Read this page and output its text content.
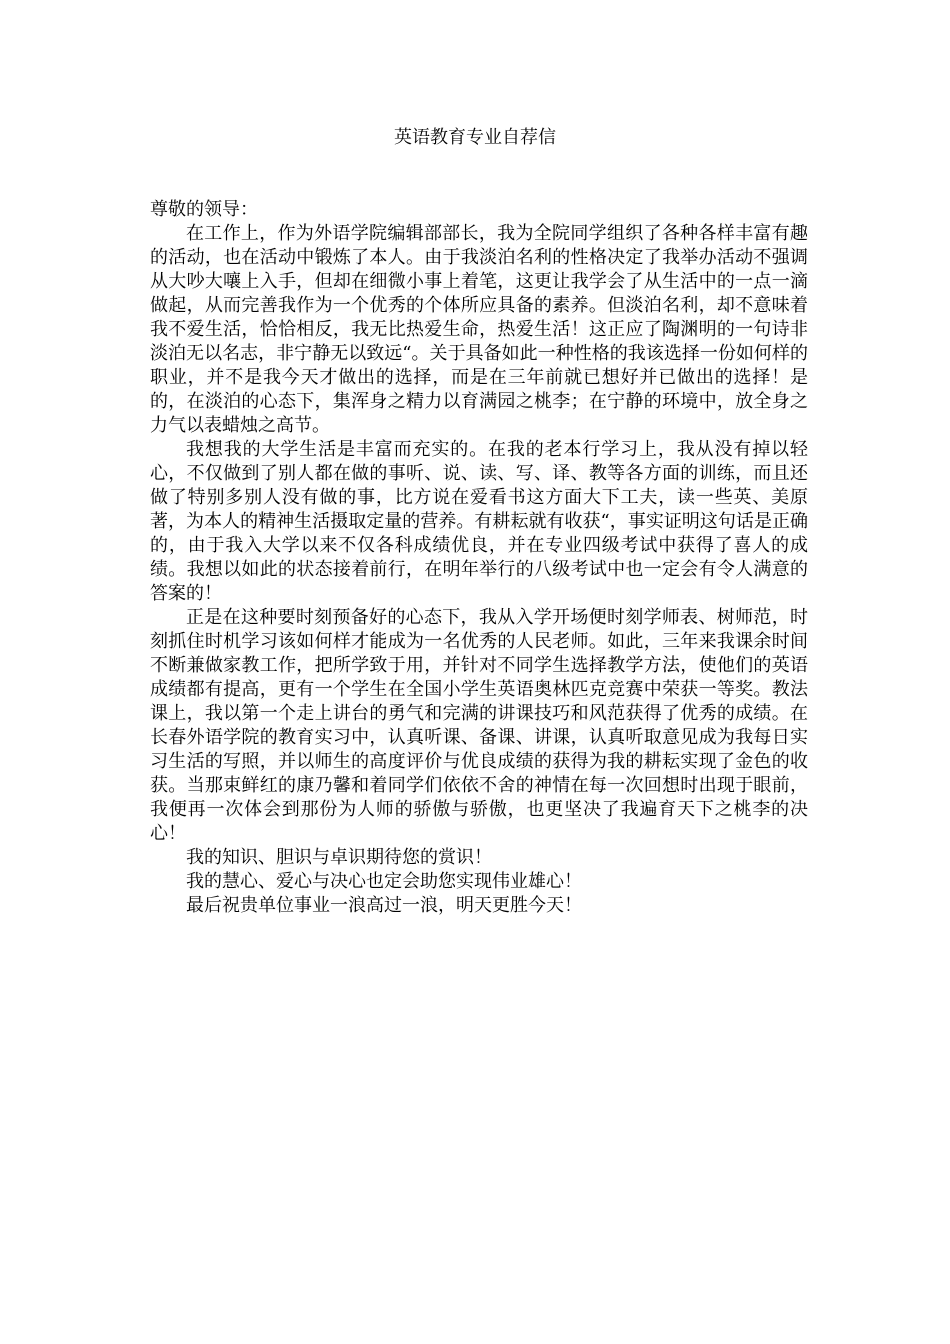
英语教育专业自荐信

尊敬的领导：

在工作上，作为外语学院编辑部部长，我为全院同学组织了各种各样丰富有趣的活动，也在活动中锻炼了本人。由于我淡泊名利的性格决定了我举办活动不强调从大吵大嚷上入手，但却在细微小事上着笔，这更让我学会了从生活中的一点一滴做起，从而完善我作为一个优秀的个体所应具备的素养。但淡泊名利，却不意味着我不爱生活，恰恰相反，我无比热爱生命，热爱生活！这正应了陶渊明的一句诗非淡泊无以名志，非宁静无以致远“。关于具备如此一种性格的我该选择一份如何样的职业，并不是我今天才做出的选择，而是在三年前就已想好并已做出的选择！是的，在淡泊的心态下，集浑身之精力以育满园之桃李；在宁静的环境中，放全身之力气以表蜡烛之高节。

我想我的大学生活是丰富而充实的。在我的老本行学习上，我从没有掉以轻心，不仅做到了别人都在做的事听、说、读、写、译、教等各方面的训练，而且还做了特别多别人没有做的事，比方说在爱看书这方面大下工夫，读一些英、美原著，为本人的精神生活摄取定量的营养。有耕耘就有收获“，事实证明这句话是正确的，由于我入大学以来不仅各科成绩优良，并在专业四级考试中获得了喜人的成绩。我想以如此的状态接着前行，在明年举行的八级考试中也一定会有令人满意的答案的！

正是在这种要时刻预备好的心态下，我从入学开场便时刻学师表、树师范，时刻抓住时机学习该如何样才能成为一名优秀的人民老师。如此，三年来我课余时间不断兼做家教工作，把所学致于用，并针对不同学生选择教学方法，使他们的英语成绩都有提高，更有一个学生在全国小学生英语奥林匹克竞赛中荣获一等奖。教法课上，我以第一个走上讲台的勇气和完满的讲课技巧和风范获得了优秀的成绩。在长春外语学院的教育实习中，认真听课、备课、讲课，认真听取意见成为我每日实习生活的写照，并以师生的高度评价与优良成绩的获得为我的耕耘实现了金色的收获。当那束鲜红的康乃馨和着同学们依依不舍的神情在每一次回想时出现于眼前，我便再一次体会到那份为人师的骄傲与骄傲，也更坚决了我遍育天下之桃李的决心！

我的知识、胆识与卓识期待您的赏识！

我的慧心、爱心与决心也定会助您实现伟业雄心！

最后祝贵单位事业一浪高过一浪，明天更胜今天！
